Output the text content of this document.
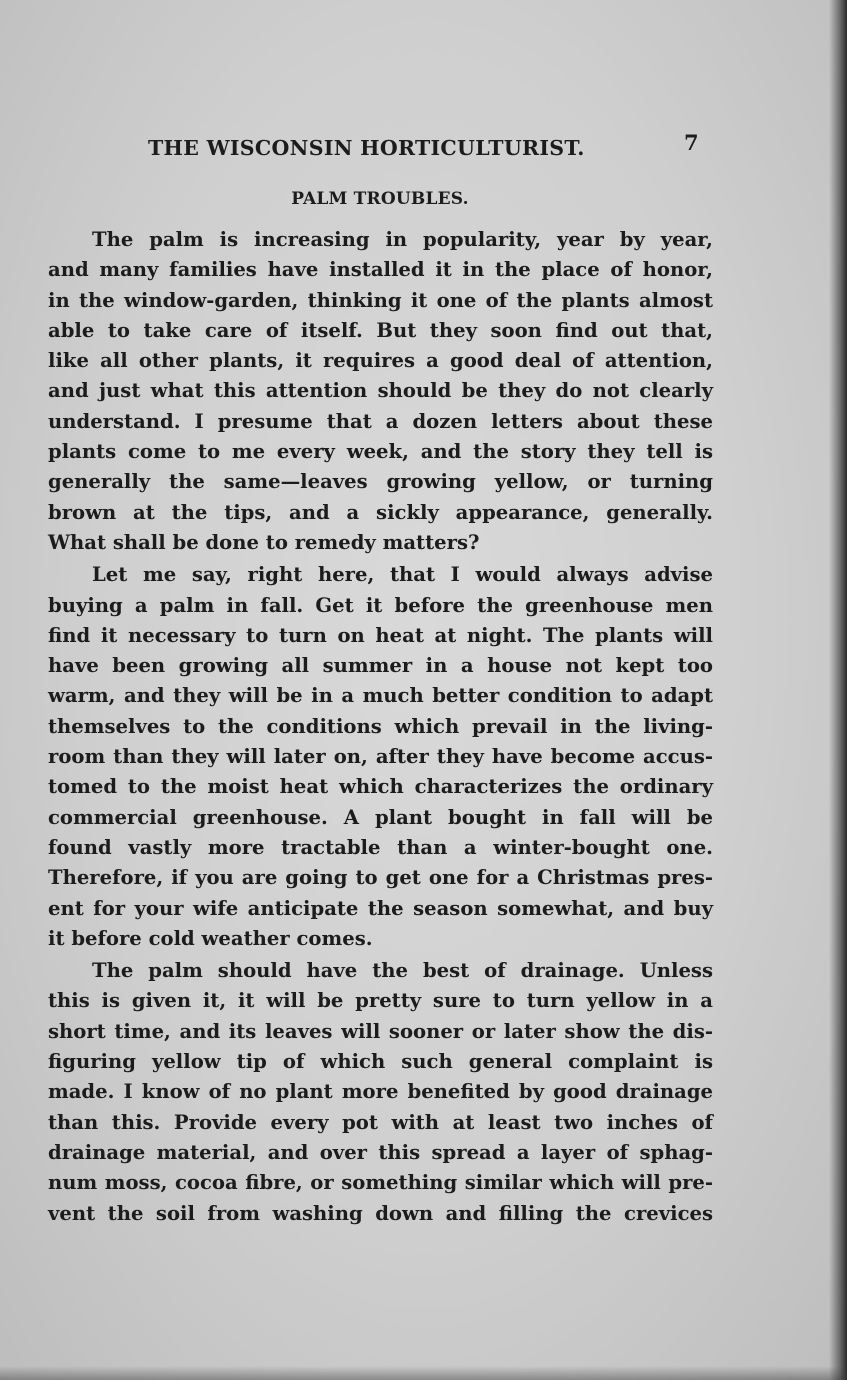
THE WISCONSIN HORTICULTURIST.	7
PALM TROUBLES.
The palm is increasing in popularity, year by year,
and many families have installed it in the place of honor,
in the window-garden, thinking it one of the plants almost
able to take care of itself. But they soon find out that,
like all other plants, it requires a good deal of attention,
and just what this attention should be they do not clearly
understand. I presume that a dozen letters about these
plants come to me every week, and the story they tell is
generally the same—leaves growing yellow, or turning
brown at the tips, and a sickly appearance, generally.
What shall be done to remedy matters?
Let me say, right here, that I would always advise
buying a palm in fall. Get it before the greenhouse men
find it necessary to turn on heat at night. The plants will
have been growing all summer in a house not kept too
warm, and they will be in a much better condition to adapt
themselves to the conditions which prevail in the living-
room than they will later on, after they have become accus-
tomed to the moist heat which characterizes the ordinary
commercial greenhouse. A plant bought in fall will be
found vastly more tractable than a winter-bought one.
Therefore, if you are going to get one for a Christmas pres-
ent for your wife anticipate the season somewhat, and buy
it before cold weather comes.
The palm should have the best of drainage. Unless
this is given it, it will be pretty sure to turn yellow in a
short time, and its leaves will sooner or later show the dis-
figuring yellow tip of which such general complaint is
made. I know of no plant more benefited by good drainage
than this. Provide every pot with at least two inches of
drainage material, and over this spread a layer of sphag-
num moss, cocoa fibre, or something similar which will pre-
vent the soil from washing down and filling the crevices
